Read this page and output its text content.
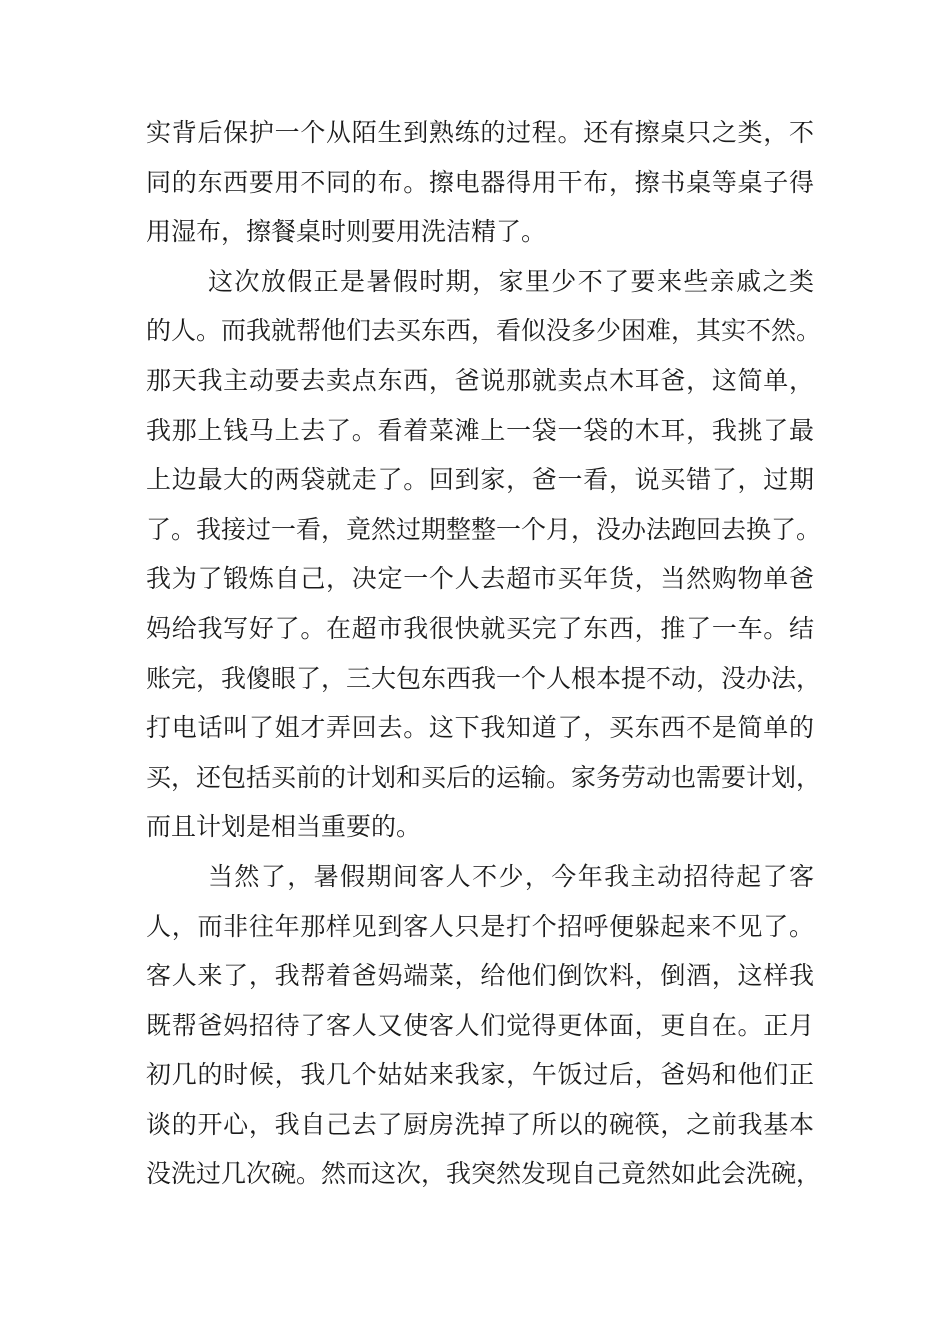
实背后保护一个从陌生到熟练的过程。还有擦桌只之类，不
同的东西要用不同的布。擦电器得用干布，擦书桌等桌子得
用湿布，擦餐桌时则要用洗洁精了。
这次放假正是暑假时期，家里少不了要来些亲戚之类
的人。而我就帮他们去买东西，看似没多少困难，其实不然。
那天我主动要去卖点东西，爸说那就卖点木耳爸，这简单，
我那上钱马上去了。看着菜滩上一袋一袋的木耳，我挑了最
上边最大的两袋就走了。回到家，爸一看，说买错了，过期
了。我接过一看，竟然过期整整一个月，没办法跑回去换了。
我为了锻炼自己，决定一个人去超市买年货，当然购物单爸
妈给我写好了。在超市我很快就买完了东西，推了一车。结
账完，我傻眼了，三大包东西我一个人根本提不动，没办法，
打电话叫了姐才弄回去。这下我知道了，买东西不是简单的
买，还包括买前的计划和买后的运输。家务劳动也需要计划，
而且计划是相当重要的。
当然了，暑假期间客人不少，今年我主动招待起了客
人，而非往年那样见到客人只是打个招呼便躲起来不见了。
客人来了，我帮着爸妈端菜，给他们倒饮料，倒酒，这样我
既帮爸妈招待了客人又使客人们觉得更体面，更自在。正月
初几的时候，我几个姑姑来我家，午饭过后，爸妈和他们正
谈的开心，我自己去了厨房洗掉了所以的碗筷，之前我基本
没洗过几次碗。然而这次，我突然发现自己竟然如此会洗碗，
